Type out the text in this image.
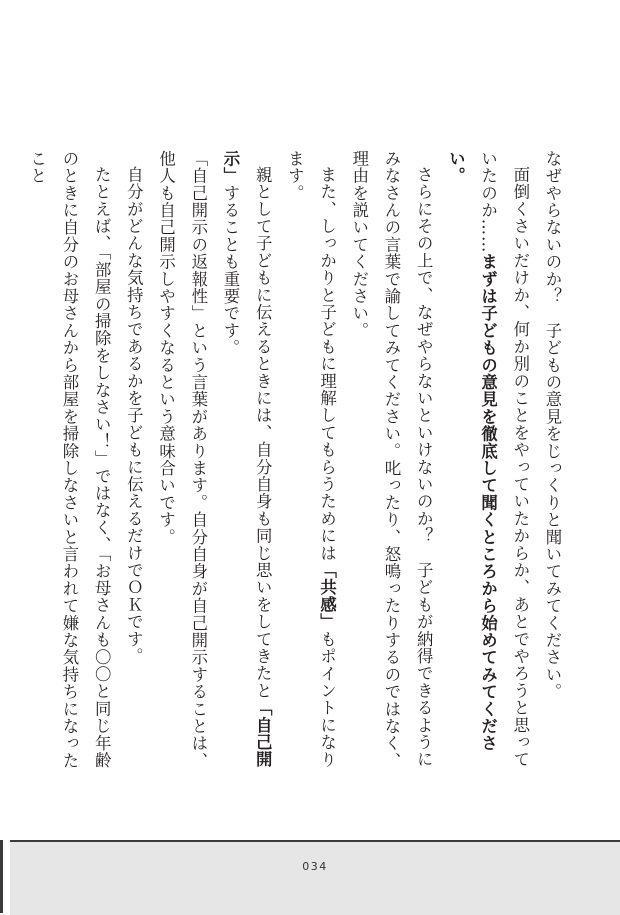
なぜやらないのか？　子どもの意見をじっくりと聞いてみてください。

面倒くさいだけか、何か別のことをやっていたからか、あとでやろうと思っていたのか……まずは子どもの意見を徹底して聞くところから始めてみてください。

さらにその上で、なぜやらないといけないのか？　子どもが納得できるようにみなさんの言葉で諭してみてください。叱ったり、怒鳴ったりするのではなく、理由を説いてください。

また、しっかりと子どもに理解してもらうためには「共感」もポイントになります。

親として子どもに伝えるときには、自分自身も同じ思いをしてきたと「自己開示」することも重要です。

「自己開示の返報性」という言葉があります。自分自身が自己開示することは、他人も自己開示しやすくなるという意味合いです。

自分がどんな気持ちであるかを子どもに伝えるだけでＯＫです。

たとえば、「部屋の掃除をしなさい！」ではなく、「お母さんも〇〇と同じ年齢のときに自分のお母さんから部屋を掃除しなさいと言われて嫌な気持ちになったこと

034
